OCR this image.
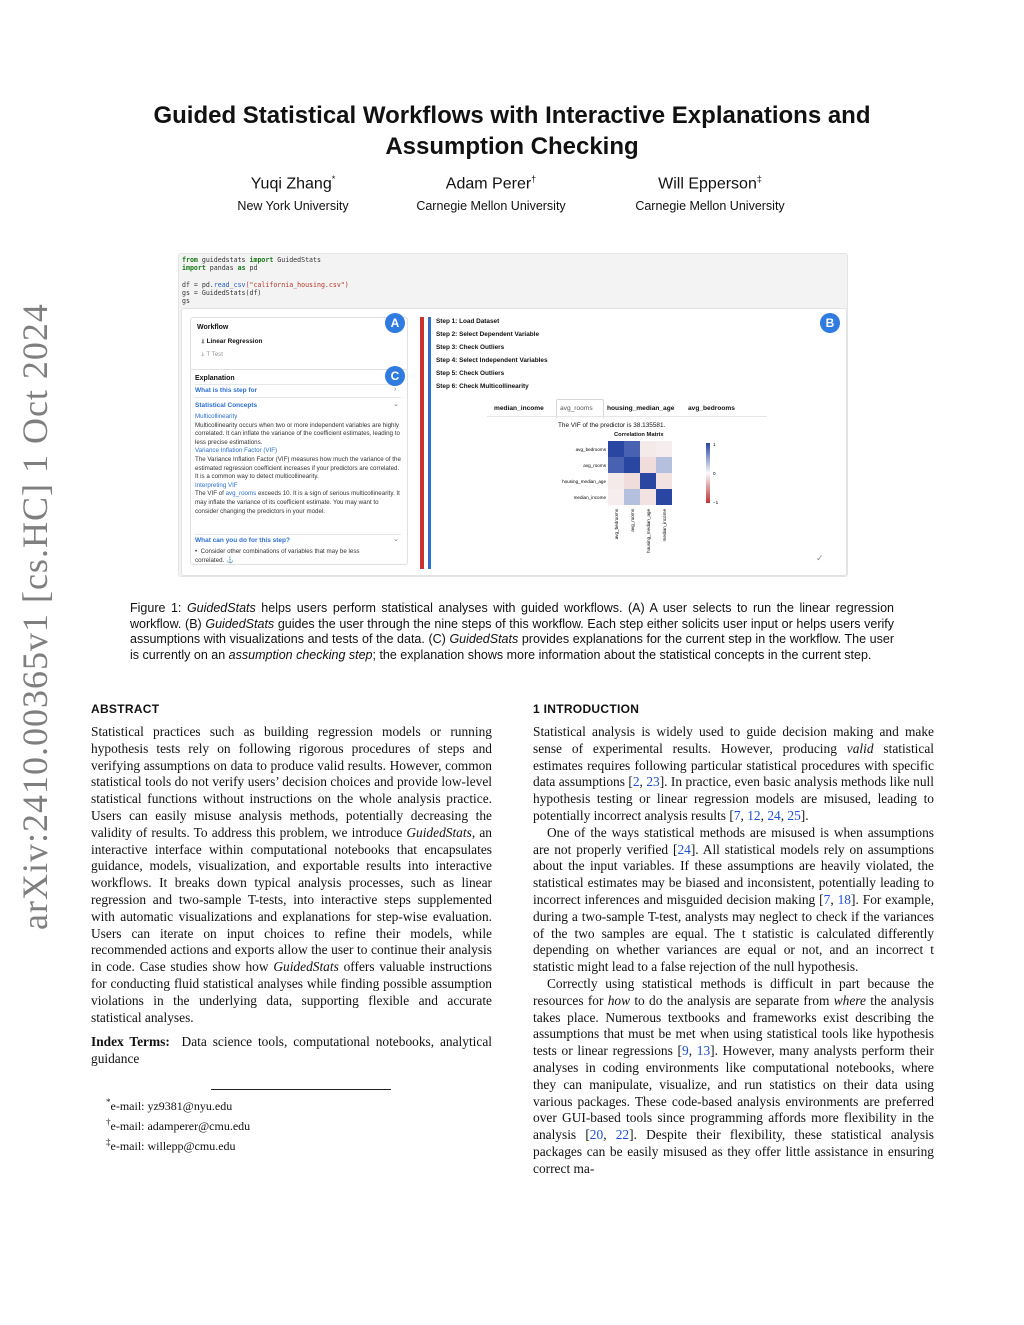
arXiv:2410.00365v1 [cs.HC] 1 Oct 2024
Guided Statistical Workflows with Interactive Explanations and Assumption Checking
Yuqi Zhang*
New York University
Adam Perer†
Carnegie Mellon University
Will Epperson‡
Carnegie Mellon University
from guidedstats import GuidedStats
import pandas as pd

df = pd.read_csv("california_housing.csv")
gs = GuidedStats(df)
gs
Workflow
⍋ Linear Regression
⍋ T Test
Explanation
What is this step for	›
Statistical Concepts	⌄
Multicollinearity
Multicollinearity occurs when two or more independent variables are highly correlated. It can inflate the variance of the coefficient estimates, leading to less precise estimations.
Variance Inflation Factor (VIF)
The Variance Inflation Factor (VIF) measures how much the variance of the estimated regression coefficient increases if your predictors are correlated. It is a common way to detect multicollinearity.
Interpreting VIF
The VIF of avg_rooms exceeds 10. It is a sign of serious multicollinearity. It may inflate the variance of its coefficient estimate. You may want to consider changing the predictors in your model.
What can you do for this step?	⌄
•  Consider other combinations of variables that may be less correlated. ⚓
Step 1: Load Dataset
Step 2: Select Dependent Variable
Step 3: Check Outliers
Step 4: Select Independent Variables
Step 5: Check Outliers
Step 6: Check Multicollinearity
median_income avg_rooms housing_median_age avg_bedrooms
The VIF of the predictor is 38.135581.
Correlation Matrix
avg_bedrooms
avg_bedrooms
avg_rooms
avg_rooms
housing_median_age
housing_median_age
median_income
median_income
1
0
−1
✓
A	B
C
Figure 1: GuidedStats helps users perform statistical analyses with guided workflows. (A) A user selects to run the linear regression workflow. (B) GuidedStats guides the user through the nine steps of this workflow. Each step either solicits user input or helps users verify assumptions with visualizations and tests of the data. (C) GuidedStats provides explanations for the current step in the workflow. The user is currently on an assumption checking step; the explanation shows more information about the statistical concepts in the current step.
ABSTRACT

Statistical practices such as building regression models or running hypothesis tests rely on following rigorous procedures of steps and verifying assumptions on data to produce valid results. However, common statistical tools do not verify users’ decision choices and provide low-level statistical functions without instructions on the whole analysis practice. Users can easily misuse analysis methods, potentially decreasing the validity of results. To address this problem, we introduce GuidedStats, an interactive interface within computational notebooks that encapsulates guidance, models, visualization, and exportable results into interactive workflows. It breaks down typical analysis processes, such as linear regression and two-sample T-tests, into interactive steps supplemented with automatic visualizations and explanations for step-wise evaluation. Users can iterate on input choices to refine their models, while recommended actions and exports allow the user to continue their analysis in code. Case studies show how GuidedStats offers valuable instructions for conducting fluid statistical analyses while finding possible assumption violations in the underlying data, supporting flexible and accurate statistical analyses.

Index Terms: Data science tools, computational notebooks, analytical guidance

*e-mail: yz9381@nyu.edu
†e-mail: adamperer@cmu.edu
‡e-mail: willepp@cmu.edu
1 INTRODUCTION

Statistical analysis is widely used to guide decision making and make sense of experimental results. However, producing valid statistical estimates requires following particular statistical procedures with specific data assumptions [2, 23]. In practice, even basic analysis methods like null hypothesis testing or linear regression models are misused, leading to potentially incorrect analysis results [7, 12, 24, 25].

One of the ways statistical methods are misused is when assumptions are not properly verified [24]. All statistical models rely on assumptions about the input variables. If these assumptions are heavily violated, the statistical estimates may be biased and inconsistent, potentially leading to incorrect inferences and misguided decision making [7, 18]. For example, during a two-sample T-test, analysts may neglect to check if the variances of the two samples are equal. The t statistic is calculated differently depending on whether variances are equal or not, and an incorrect t statistic might lead to a false rejection of the null hypothesis.

Correctly using statistical methods is difficult in part because the resources for how to do the analysis are separate from where the analysis takes place. Numerous textbooks and frameworks exist describing the assumptions that must be met when using statistical tools like hypothesis tests or linear regressions [9, 13]. However, many analysts perform their analyses in coding environments like computational notebooks, where they can manipulate, visualize, and run statistics on their data using various packages. These code-based analysis environments are preferred over GUI-based tools since programming affords more flexibility in the analysis [20, 22]. Despite their flexibility, these statistical analysis packages can be easily misused as they offer little assistance in ensuring correct ma-
